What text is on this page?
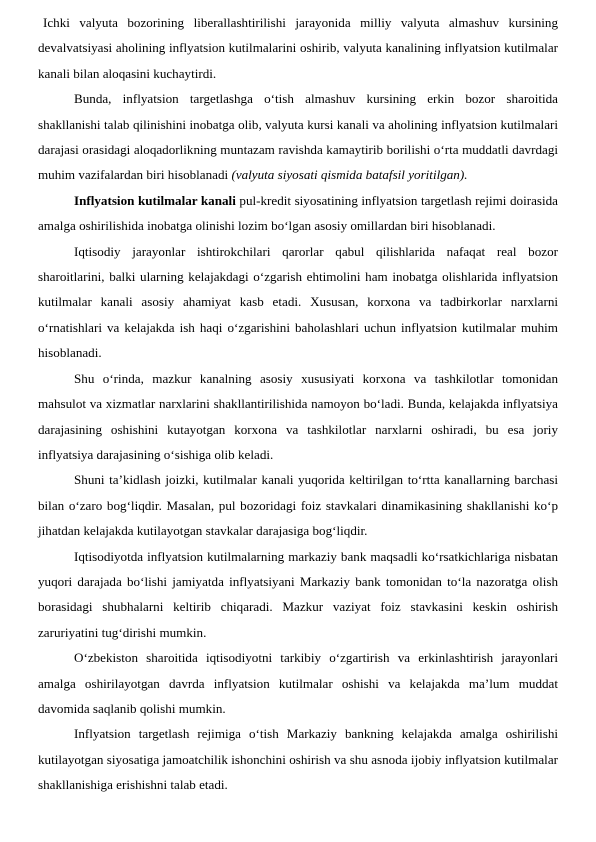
Ichki valyuta bozorining liberallashtirilishi jarayonida milliy valyuta almashuv kursining devalvatsiyasi aholining inflyatsion kutilmalarini oshirib, valyuta kanalining inflyatsion kutilmalar kanali bilan aloqasini kuchaytirdi.

Bunda, inflyatsion targetlashga o‘tish almashuv kursining erkin bozor sharoitida shakllanishi talab qilinishini inobatga olib, valyuta kursi kanali va aholining inflyatsion kutilmalari darajasi orasidagi aloqadorlikning muntazam ravishda kamaytirib borilishi o‘rta muddatli davrdagi muhim vazifalardan biri hisoblanadi (valyuta siyosati qismida batafsil yoritilgan).

Inflyatsion kutilmalar kanali pul-kredit siyosatining inflyatsion targetlash rejimi doirasida amalga oshirilishida inobatga olinishi lozim bo‘lgan asosiy omillardan biri hisoblanadi.

Iqtisodiy jarayonlar ishtirokchilari qarorlar qabul qilishlarida nafaqat real bozor sharoitlarini, balki ularning kelajakdagi o‘zgarish ehtimolini ham inobatga olishlarida inflyatsion kutilmalar kanali asosiy ahamiyat kasb etadi. Xususan, korxona va tadbirkorlar narxlarni o‘rnatishlari va kelajakda ish haqi o‘zgarishini baholashlari uchun inflyatsion kutilmalar muhim hisoblanadi.

Shu o‘rinda, mazkur kanalning asosiy xususiyati korxona va tashkilotlar tomonidan mahsulot va xizmatlar narxlarini shakllantirilishida namoyon bo‘ladi. Bunda, kelajakda inflyatsiya darajasining oshishini kutayotgan korxona va tashkilotlar narxlarni oshiradi, bu esa joriy inflyatsiya darajasining o‘sishiga olib keladi.

Shuni ta’kidlash joizki, kutilmalar kanali yuqorida keltirilgan to‘rtta kanallarning barchasi bilan o‘zaro bog‘liqdir. Masalan, pul bozoridagi foiz stavkalari dinamikasining shakllanishi ko‘p jihatdan kelajakda kutilayotgan stavkalar darajasiga bog‘liqdir.

Iqtisodiyotda inflyatsion kutilmalarning markaziy bank maqsadli ko‘rsatkichlariga nisbatan yuqori darajada bo‘lishi jamiyatda inflyatsiyani Markaziy bank tomonidan to‘la nazoratga olish borasidagi shubhalarni keltirib chiqaradi. Mazkur vaziyat foiz stavkasini keskin oshirish zaruriyatini tug‘dirishi mumkin.

O‘zbekiston sharoitida iqtisodiyotni tarkibiy o‘zgartirish va erkinlashtirish jarayonlari amalga oshirilayotgan davrda inflyatsion kutilmalar oshishi va kelajakda ma’lum muddat davomida saqlanib qolishi mumkin.

Inflyatsion targetlash rejimiga o‘tish Markaziy bankning kelajakda amalga oshirilishi kutilayotgan siyosatiga jamoatchilik ishonchini oshirish va shu asnoda ijobiy inflyatsion kutilmalar shakllanishiga erishishni talab etadi.
